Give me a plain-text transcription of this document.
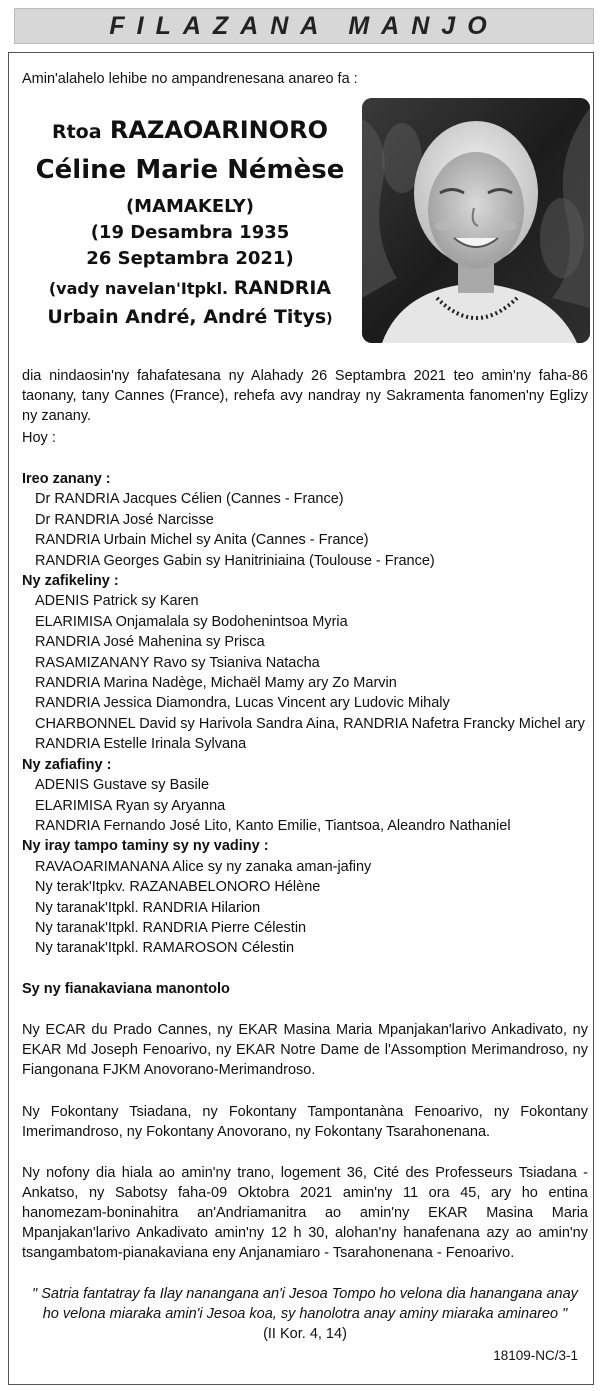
FILAZANA MANJO
Amin'alahelo lehibe no ampandrenesana anareo fa :
Rtoa RAZAOARINORO
Céline Marie Némèse
(MAMAKELY)
(19 Desambra 1935
26 Septambra 2021)
(vady navelan'Itpkl. RANDRIA
Urbain André, André Titys)
dia nindaosin'ny fahafatesana ny Alahady 26 Septambra 2021 teo amin'ny faha-86 taonany, tany Cannes (France), rehefa avy nandray ny Sakramenta fanomen'ny Eglizy ny zanany.
Hoy :
Ireo zanany :
Dr RANDRIA Jacques Célien (Cannes - France)
Dr RANDRIA José Narcisse
RANDRIA Urbain Michel sy Anita (Cannes - France)
RANDRIA Georges Gabin sy Hanitriniaina (Toulouse - France)
Ny zafikeliny :
ADENIS Patrick sy Karen
ELARIMISA Onjamalala sy Bodohenintsoa Myria
RANDRIA José Mahenina sy Prisca
RASAMIZANANY Ravo sy Tsianiva Natacha
RANDRIA Marina Nadège, Michaël Mamy ary Zo Marvin
RANDRIA Jessica Diamondra, Lucas Vincent ary Ludovic Mihaly
CHARBONNEL David sy Harivola Sandra Aina, RANDRIA Nafetra Francky Michel ary
RANDRIA Estelle Irinala Sylvana
Ny zafiafiny :
ADENIS Gustave sy Basile
ELARIMISA Ryan sy Aryanna
RANDRIA Fernando José Lito, Kanto Emilie, Tiantsoa, Aleandro Nathaniel
Ny iray tampo taminy sy ny vadiny :
RAVAOARIMANANA Alice sy ny zanaka aman-jafiny
Ny terak'Itpkv. RAZANABELONORO Hélène
Ny taranak'Itpkl. RANDRIA Hilarion
Ny taranak'Itpkl. RANDRIA Pierre Célestin
Ny taranak'Itpkl. RAMAROSON Célestin
Sy ny fianakaviana manontolo
Ny ECAR du Prado Cannes, ny EKAR Masina Maria Mpanjakan'larivo Ankadivato, ny EKAR Md Joseph Fenoarivo, ny EKAR Notre Dame de l'Assomption Merimandroso, ny Fiangonana FJKM Anovorano-Merimandroso.
Ny Fokontany Tsiadana, ny Fokontany Tampontanàna Fenoarivo, ny Fokontany Imerimandroso, ny Fokontany Anovorano, ny Fokontany Tsarahonenana.
Ny nofony dia hiala ao amin'ny trano, logement 36, Cité des Professeurs Tsiadana - Ankatso, ny Sabotsy faha-09 Oktobra 2021 amin'ny 11 ora 45, ary ho entina hanomezam-boninahitra an'Andriamanitra ao amin'ny EKAR Masina Maria Mpanjakan'larivo Ankadivato amin'ny 12 h 30, alohan'ny hanafenana azy ao amin'ny tsangambatom-pianakaviana eny Anjanamiaro - Tsarahonenana - Fenoarivo.
" Satria fantatray fa Ilay nanangana an'i Jesoa Tompo ho velona dia hanangana anay
ho velona miaraka amin'i Jesoa koa, sy hanolotra anay aminy miaraka aminareo "
(II Kor. 4, 14)
18109-NC/3-1
